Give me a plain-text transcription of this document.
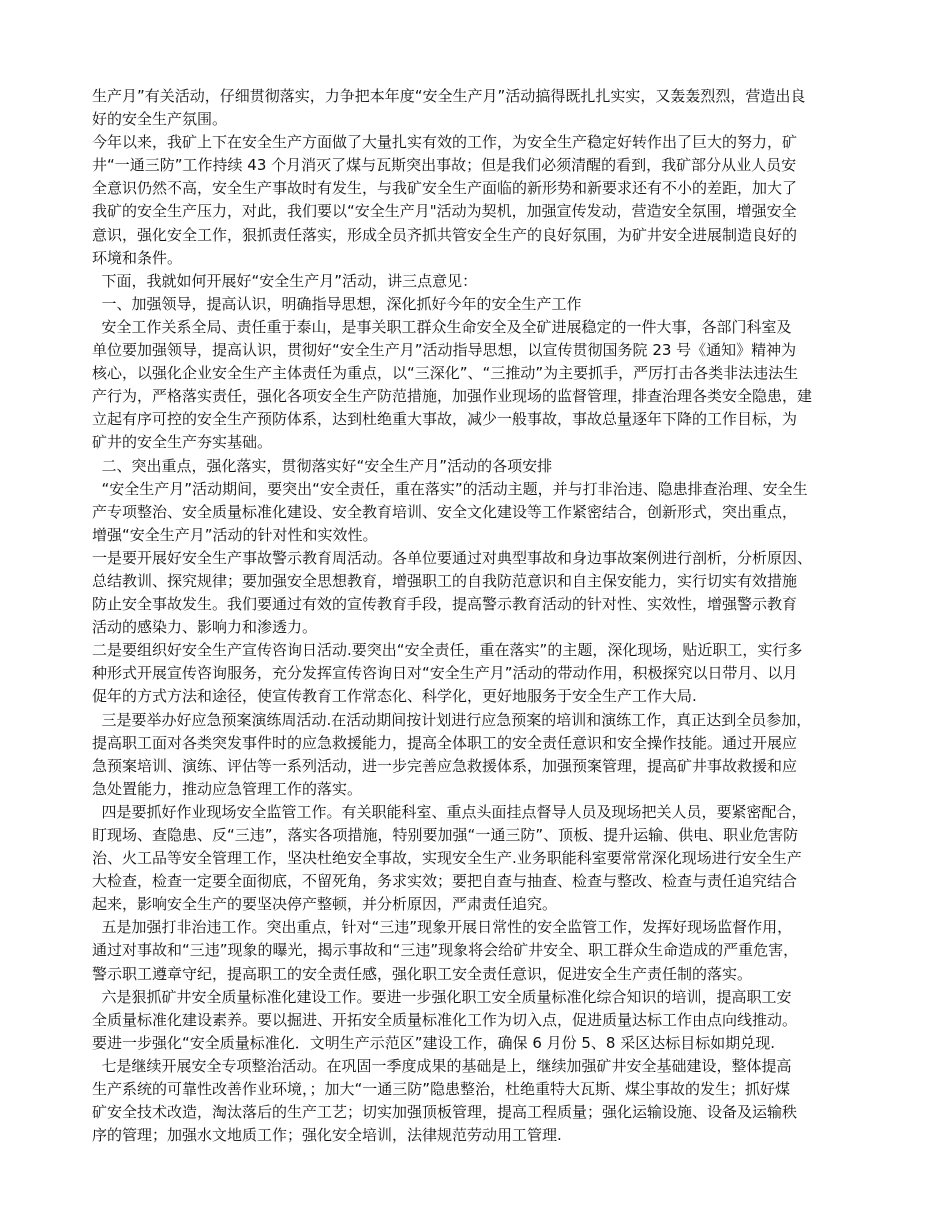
生产月”有关活动，仔细贯彻落实，力争把本年度“安全生产月”活动搞得既扎扎实实，又轰轰烈烈，营造出良
好的安全生产氛围。
今年以来，我矿上下在安全生产方面做了大量扎实有效的工作，为安全生产稳定好转作出了巨大的努力，矿
井“一通三防”工作持续 43 个月消灭了煤与瓦斯突出事故；但是我们必须清醒的看到，我矿部分从业人员安
全意识仍然不高，安全生产事故时有发生，与我矿安全生产面临的新形势和新要求还有不小的差距，加大了
我矿的安全生产压力，对此，我们要以“安全生产月"活动为契机，加强宣传发动，营造安全氛围，增强安全
意识，强化安全工作，狠抓责任落实，形成全员齐抓共管安全生产的良好氛围，为矿井安全进展制造良好的
环境和条件。
下面，我就如何开展好“安全生产月”活动，讲三点意见：
一、加强领导，提高认识，明确指导思想，深化抓好今年的安全生产工作
安全工作关系全局、责任重于泰山，是事关职工群众生命安全及全矿进展稳定的一件大事，各部门科室及
单位要加强领导，提高认识，贯彻好“安全生产月”活动指导思想，以宣传贯彻国务院 23 号《通知》精神为
核心，以强化企业安全生产主体责任为重点，以“三深化”、“三推动”为主要抓手，严厉打击各类非法违法生
产行为，严格落实责任，强化各项安全生产防范措施，加强作业现场的监督管理，排查治理各类安全隐患，建
立起有序可控的安全生产预防体系，达到杜绝重大事故，减少一般事故，事故总量逐年下降的工作目标，为
矿井的安全生产夯实基础。
二、突出重点，强化落实，贯彻落实好“安全生产月”活动的各项安排
“安全生产月”活动期间，要突出“安全责任，重在落实”的活动主题，并与打非治违、隐患排查治理、安全生
产专项整治、安全质量标准化建设、安全教育培训、安全文化建设等工作紧密结合，创新形式，突出重点，
增强“安全生产月”活动的针对性和实效性。
一是要开展好安全生产事故警示教育周活动。各单位要通过对典型事故和身边事故案例进行剖析，分析原因、
总结教训、探究规律；要加强安全思想教育，增强职工的自我防范意识和自主保安能力，实行切实有效措施
防止安全事故发生。我们要通过有效的宣传教育手段，提高警示教育活动的针对性、实效性，增强警示教育
活动的感染力、影响力和渗透力。
二是要组织好安全生产宣传咨询日活动.要突出“安全责任，重在落实”的主题，深化现场，贴近职工，实行多
种形式开展宣传咨询服务，充分发挥宣传咨询日对“安全生产月”活动的带动作用，积极探究以日带月、以月
促年的方式方法和途径，使宣传教育工作常态化、科学化，更好地服务于安全生产工作大局.
三是要举办好应急预案演练周活动.在活动期间按计划进行应急预案的培训和演练工作，真正达到全员参加，
提高职工面对各类突发事件时的应急救援能力，提高全体职工的安全责任意识和安全操作技能。通过开展应
急预案培训、演练、评估等一系列活动，进一步完善应急救援体系，加强预案管理，提高矿井事故救援和应
急处置能力，推动应急管理工作的落实。
四是要抓好作业现场安全监管工作。有关职能科室、重点头面挂点督导人员及现场把关人员，要紧密配合，
盯现场、查隐患、反“三违”，落实各项措施，特别要加强“一通三防”、顶板、提升运输、供电、职业危害防
治、火工品等安全管理工作，坚决杜绝安全事故，实现安全生产.业务职能科室要常常深化现场进行安全生产
大检查，检查一定要全面彻底，不留死角，务求实效；要把自查与抽查、检查与整改、检查与责任追究结合
起来，影响安全生产的要坚决停产整顿，并分析原因，严肃责任追究。
五是加强打非治违工作。突出重点，针对“三违”现象开展日常性的安全监管工作，发挥好现场监督作用，
通过对事故和“三违”现象的曝光，揭示事故和“三违”现象将会给矿井安全、职工群众生命造成的严重危害，
警示职工遵章守纪，提高职工的安全责任感，强化职工安全责任意识，促进安全生产责任制的落实。
六是狠抓矿井安全质量标准化建设工作。要进一步强化职工安全质量标准化综合知识的培训，提高职工安
全质量标准化建设素养。要以掘进、开拓安全质量标准化工作为切入点，促进质量达标工作由点向线推动。
要进一步强化“安全质量标准化．文明生产示范区”建设工作，确保 6 月份 5、8 采区达标目标如期兑现.
七是继续开展安全专项整治活动。在巩固一季度成果的基础是上，继续加强矿井安全基础建设，整体提高
生产系统的可靠性改善作业环境，；加大“一通三防”隐患整治，杜绝重特大瓦斯、煤尘事故的发生；抓好煤
矿安全技术改造，淘汰落后的生产工艺；切实加强顶板管理，提高工程质量；强化运输设施、设备及运输秩
序的管理；加强水文地质工作；强化安全培训，法律规范劳动用工管理.
